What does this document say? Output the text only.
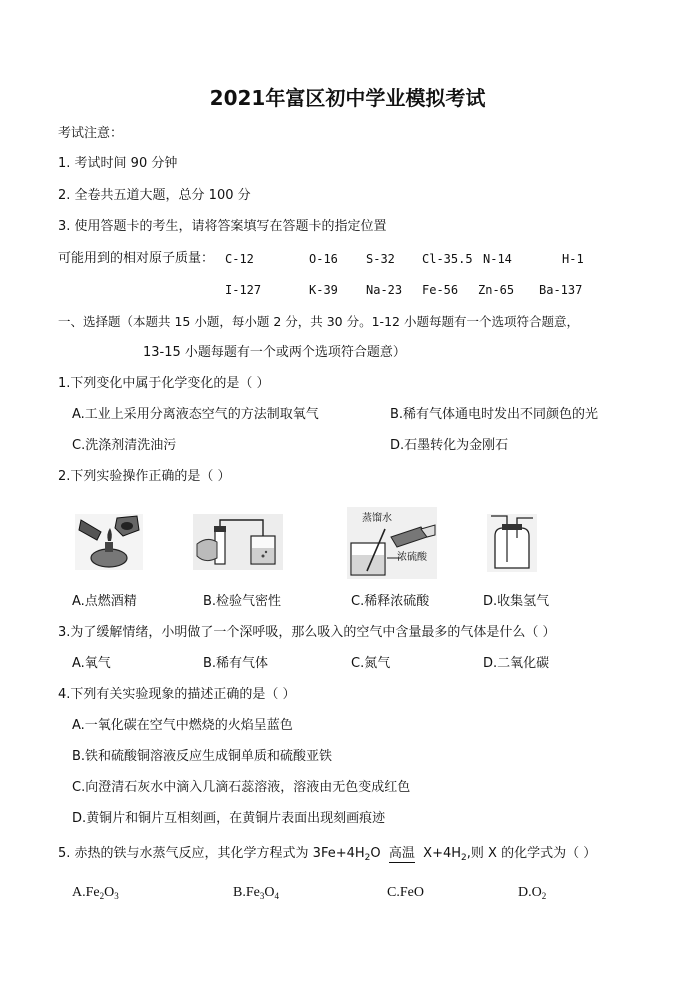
2021年富区初中学业模拟考试
考试注意：
1. 考试时间 90 分钟
2. 全卷共五道大题，总分 100 分
3. 使用答题卡的考生，请将答案填写在答题卡的指定位置
可能用到的相对原子质量： C-12	O-16 S-32 Cl-35.5 N-14	H-1
I-127	K-39 Na-23 Fe-56 Zn-65 Ba-137
一、选择题（本题共 15 小题，每小题 2 分，共 30 分。1-12 小题每题有一个选项符合题意，
13-15 小题每题有一个或两个选项符合题意）
1.下列变化中属于化学变化的是（ ）
A.工业上采用分离液态空气的方法制取氧气	B.稀有气体通电时发出不同颜色的光
C.洗涤剂清洗油污	D.石墨转化为金刚石
2.下列实验操作正确的是（ ）
蒸馏水
浓硫酸
A.点燃酒精	B.检验气密性	C.稀释浓硫酸	D.收集氢气
3.为了缓解情绪，小明做了一个深呼吸，那么吸入的空气中含量最多的气体是什么（ ）
A.氧气	B.稀有气体	C.氮气	D.二氧化碳
4.下列有关实验现象的描述正确的是（ ）
A.一氧化碳在空气中燃烧的火焰呈蓝色
B.铁和硫酸铜溶液反应生成铜单质和硫酸亚铁
C.向澄清石灰水中滴入几滴石蕊溶液，溶液由无色变成红色
D.黄铜片和铜片互相刻画，在黄铜片表面出现刻画痕迹
5. 赤热的铁与水蒸气反应，其化学方程式为 $3Fe+4H_2O$ 高温 $X+4H_2$,则 X 的化学式为（ ）
$A.Fe_2O_3$	$B.Fe_3O_4$	C.FeO	$D.O_2$
